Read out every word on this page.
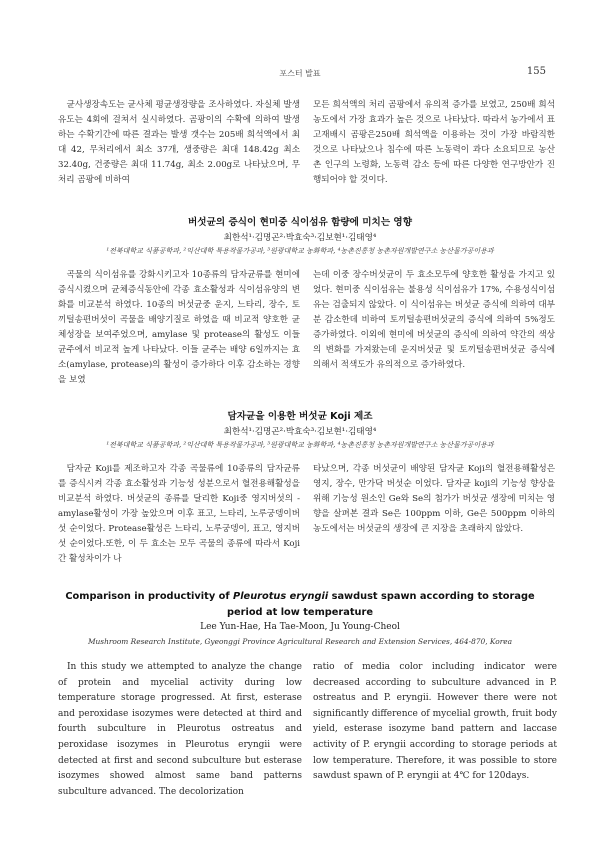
포스터 발표	155

균사생장속도는 균사체 평균생장량을 조사하였다. 자실체 발생유도는 4회에 걸쳐서 실시하였다. 곰팡이의 수확에 의하여 발생하는 수확기간에 따른 결과는 발생 갯수는 205배 희석액에서 최대 42, 무처리에서 최소 37개, 생중량은 최대 148.42g 최소 32.40g, 건중량은 최대 11.74g, 최소 2.00g로 나타났으며, 무처리 곰팡에 비하여

모든 희석액의 처리 곰팡에서 유의적 증가를 보였고, 250배 희석농도에서 가장 효과가 높은 것으로 나타났다. 따라서 농가에서 표고재배시 곰팡은250배 희석액을 이용하는 것이 가장 바람직한 것으로 나타났으나 침수에 따른 노동력이 과다 소요되므로 농산촌 인구의 노령화, 노동력 감소 등에 따른 다양한 연구방안가 진행되어야 할 것이다.

버섯균의 증식이 현미중 식이섬유 함량에 미치는 영향
최한석¹·김명곤²·박효숙³·김보현¹·김태영⁴
¹전북대학교 식품공학과, ²익산대학 특용작물가공과, ³원광대학교 농화학과, ⁴농촌진흥청 농촌자원개발연구소 농산물가공이용과

곡물의 식이섬유를 강화시키고자 10종류의 담자균류를 현미에 증식시켰으며 균체증식동안에 각종 효소활성과 식이섬유양의 변화를 비교분석 하였다. 10종의 버섯균중 운지, 느타리, 장수, 토끼털송편버섯이 곡물을 배양기질로 하였을 때 비교적 양호한 균체성장을 보여주었으며, amylase 및 protease의 활성도 이들 균주에서 비교적 높게 나타났다. 이들 균주는 배양 6일까지는 효소(amylase, protease)의 활성이 증가하다 이후 감소하는 경향을 보였

는데 이중 장수버섯균이 두 효소모두에 양호한 활성을 가지고 있었다. 현미중 식이섬유는 불용성 식이섬유가 17%, 수용성식이섬유는 검출되지 않았다. 이 식이섬유는 버섯균 증식에 의하여 대부분 감소한데 비하여 토끼털송편버섯균의 증식에 의하여 5%정도 증가하였다. 이외에 현미에 버섯균의 증식에 의하여 약간의 색상의 변화를 가져왔는데 운지버섯균 및 토끼털송편버섯균 증식에 의해서 적색도가 유의적으로 증가하였다.

담자균을 이용한 버섯균 Koji 제조
최한석¹·김명곤²·박효숙³·김보현¹·김태영⁴
¹전북대학교 식품공학과, ²익산대학 특용작물가공과, ³원광대학교 농화학과, ⁴농촌진흥청 농촌자원개발연구소 농산물가공이용과

담자균 Koji를 제조하고자 각종 곡물류에 10종류의 담자균류를 증식시켜 각종 효소활성과 기능성 성분으로서 혈전용해활성을 비교분석 하였다. 버섯균의 종류를 달리한 Koji중 영지버섯의 -amylase활성이 가장 높았으며 이후 표고, 느타리, 노루궁뎅이버섯 순이었다. Protease활성은 느타리, 노루궁뎅이, 표고, 영지버섯 순이었다.또한, 이 두 효소는 모두 곡물의 종류에 따라서 Koji간 활성차이가 나

타났으며, 각종 버섯균이 배양된 담자균 Koji의 혈전용해활성은 영지, 장수, 만가닥 버섯순 이었다. 담자균 koji의 기능성 향상을 위해 기능성 원소인 Ge와 Se의 첨가가 버섯균 생장에 미치는 영향을 살펴본 결과 Se은 100ppm 이하, Ge은 500ppm 이하의 농도에서는 버섯균의 생장에 큰 지장을 초래하지 않았다.

Comparison in productivity of Pleurotus eryngii sawdust spawn according to storage period at low temperature
Lee Yun-Hae, Ha Tae-Moon, Ju Young-Cheol
Mushroom Research Institute, Gyeonggi Province Agricultural Research and Extension Services, 464-870, Korea

In this study we attempted to analyze the change of protein and mycelial activity during low temperature storage progressed. At first, esterase and peroxidase isozymes were detected at third and fourth subculture in Pleurotus ostreatus and peroxidase isozymes in Pleurotus eryngii were detected at first and second subculture but esterase isozymes showed almost same band patterns subculture advanced. The decolorization

ratio of media color including indicator were decreased according to subculture advanced in P. ostreatus and P. eryngii. However there were not significantly difference of mycelial growth, fruit body yield, esterase isozyme band pattern and laccase activity of P. eryngii according to storage periods at low temperature. Therefore, it was possible to store sawdust spawn of P. eryngii at 4℃ for 120days.
